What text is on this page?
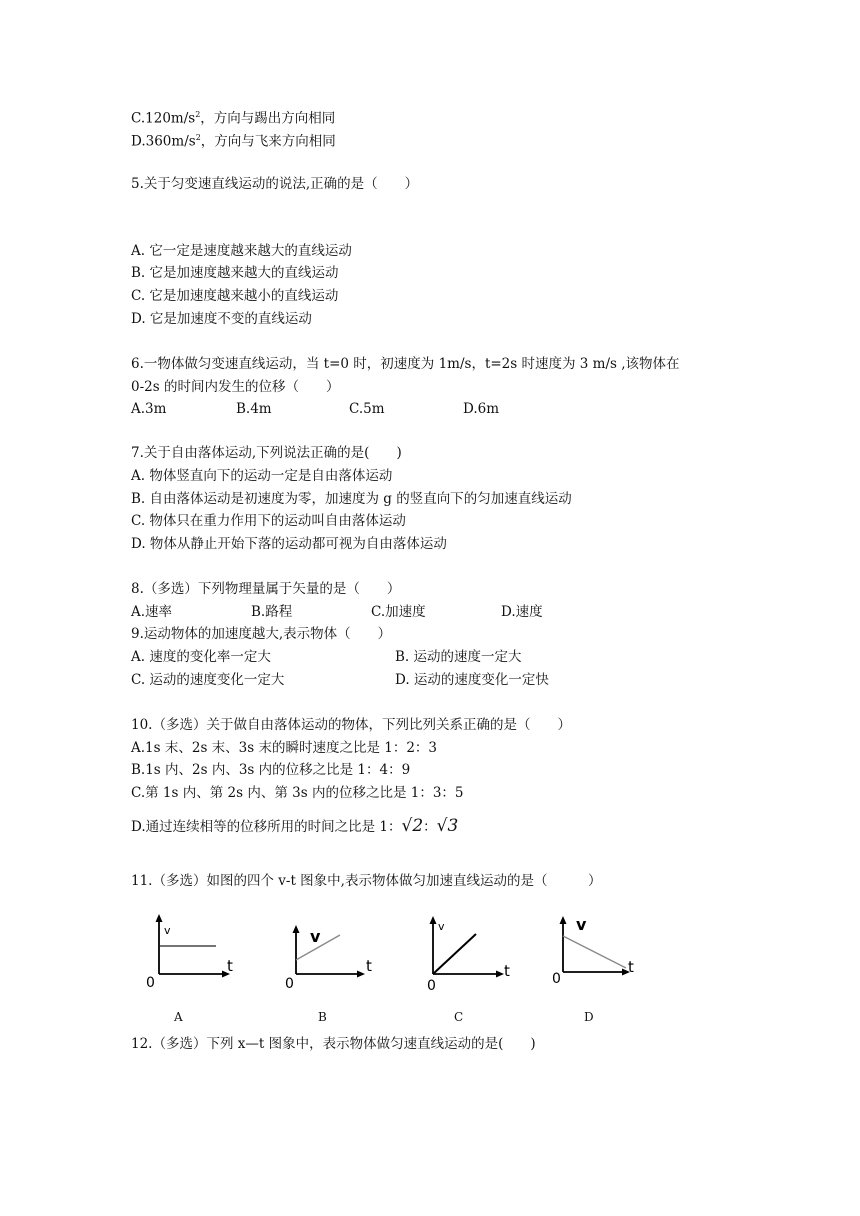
$C.120m/s^2$，方向与踢出方向相同
$D.360m/s^2$，方向与飞来方向相同
5.关于匀变速直线运动的说法,正确的是（　　）
A. 它一定是速度越来越大的直线运动
B. 它是加速度越来越大的直线运动
C. 它是加速度越来越小的直线运动
D. 它是加速度不变的直线运动
6.一物体做匀变速直线运动，当 t=0 时，初速度为 1m/s，t=2s 时速度为 3 m/s ,该物体在
0-2s 的时间内发生的位移（　　）
A.3m	B.4m	C.5m	D.6m
7.关于自由落体运动,下列说法正确的是(　　)
A. 物体竖直向下的运动一定是自由落体运动
B. 自由落体运动是初速度为零，加速度为 g 的竖直向下的匀加速直线运动
C. 物体只在重力作用下的运动叫自由落体运动
D. 物体从静止开始下落的运动都可视为自由落体运动
8.（多选）下列物理量属于矢量的是（　　）
A.速率	B.路程	C.加速度	D.速度
9.运动物体的加速度越大,表示物体（　　）
A. 速度的变化率一定大	B. 运动的速度一定大
C. 运动的速度变化一定大	D. 运动的速度变化一定快
10.（多选）关于做自由落体运动的物体，下列比列关系正确的是（　　）
A.1s 末、2s 末、3s 末的瞬时速度之比是 1：2：3
B.1s 内、2s 内、3s 内的位移之比是 1：4：9
C.第 1s 内、第 2s 内、第 3s 内的位移之比是 1：3：5
D.通过连续相等的位移所用的时间之比是 1：√2：√3
11.（多选）如图的四个 v-t 图象中,表示物体做匀加速直线运动的是（　　　）
v
t
0
A
v
t
0
B
v
t
0
C
v
t
0
D
12.（多选）下列 x—t 图象中，表示物体做匀速直线运动的是(　　)
